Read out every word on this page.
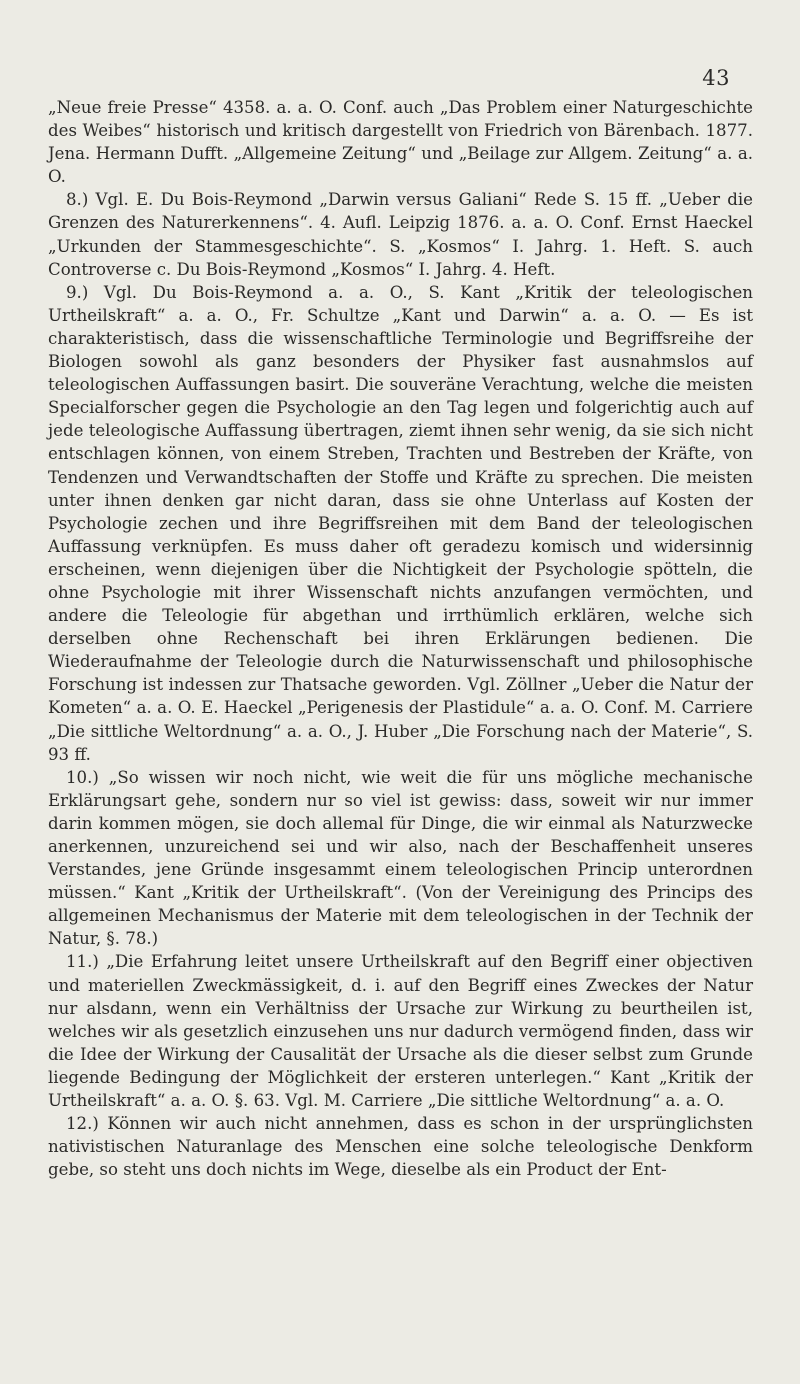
43

„Neue freie Presse“ 4358. a. a. O. Conf. auch „Das Problem einer Naturgeschichte des Weibes“ historisch und kritisch dargestellt von Friedrich von Bärenbach. 1877. Jena. Hermann Dufft. „Allgemeine Zeitung“ und „Beilage zur Allgem. Zeitung“ a. a. O.

8.) Vgl. E. Du Bois-Reymond „Darwin versus Galiani“ Rede S. 15 ff. „Ueber die Grenzen des Naturerkennens“. 4. Aufl. Leipzig 1876. a. a. O. Conf. Ernst Haeckel „Urkunden der Stammesgeschichte“. S. „Kosmos“ I. Jahrg. 1. Heft. S. auch Controverse c. Du Bois-Reymond „Kosmos“ I. Jahrg. 4. Heft.

9.) Vgl. Du Bois-Reymond a. a. O., S. Kant „Kritik der teleologischen Urtheilskraft“ a. a. O., Fr. Schultze „Kant und Darwin“ a. a. O. — Es ist charakteristisch, dass die wissenschaftliche Terminologie und Begriffsreihe der Biologen sowohl als ganz besonders der Physiker fast ausnahmslos auf teleologischen Auffassungen basirt. Die souveräne Verachtung, welche die meisten Specialforscher gegen die Psychologie an den Tag legen und folgerichtig auch auf jede teleologische Auffassung übertragen, ziemt ihnen sehr wenig, da sie sich nicht entschlagen können, von einem Streben, Trachten und Bestreben der Kräfte, von Tendenzen und Verwandtschaften der Stoffe und Kräfte zu sprechen. Die meisten unter ihnen denken gar nicht daran, dass sie ohne Unterlass auf Kosten der Psychologie zechen und ihre Begriffsreihen mit dem Band der teleologischen Auffassung verknüpfen. Es muss daher oft geradezu komisch und widersinnig erscheinen, wenn diejenigen über die Nichtigkeit der Psychologie spötteln, die ohne Psychologie mit ihrer Wissenschaft nichts anzufangen vermöchten, und andere die Teleologie für abgethan und irrthümlich erklären, welche sich derselben ohne Rechenschaft bei ihren Erklärungen bedienen. Die Wiederaufnahme der Teleologie durch die Naturwissenschaft und philosophische Forschung ist indessen zur Thatsache geworden. Vgl. Zöllner „Ueber die Natur der Kometen“ a. a. O. E. Haeckel „Perigenesis der Plastidule“ a. a. O. Conf. M. Carriere „Die sittliche Weltordnung“ a. a. O., J. Huber „Die Forschung nach der Materie“, S. 93 ff.

10.) „So wissen wir noch nicht, wie weit die für uns mögliche mechanische Erklärungsart gehe, sondern nur so viel ist gewiss: dass, soweit wir nur immer darin kommen mögen, sie doch allemal für Dinge, die wir einmal als Naturzwecke anerkennen, unzureichend sei und wir also, nach der Beschaffenheit unseres Verstandes, jene Gründe insgesammt einem teleologischen Princip unterordnen müssen.“ Kant „Kritik der Urtheilskraft“. (Von der Vereinigung des Princips des allgemeinen Mechanismus der Materie mit dem teleologischen in der Technik der Natur, §. 78.)

11.) „Die Erfahrung leitet unsere Urtheilskraft auf den Begriff einer objectiven und materiellen Zweckmässigkeit, d. i. auf den Begriff eines Zweckes der Natur nur alsdann, wenn ein Verhältniss der Ursache zur Wirkung zu beurtheilen ist, welches wir als gesetzlich einzusehen uns nur dadurch vermögend finden, dass wir die Idee der Wirkung der Causalität der Ursache als die dieser selbst zum Grunde liegende Bedingung der Möglichkeit der ersteren unterlegen.“ Kant „Kritik der Urtheilskraft“ a. a. O. §. 63. Vgl. M. Carriere „Die sittliche Weltordnung“ a. a. O.

12.) Können wir auch nicht annehmen, dass es schon in der ursprünglichsten nativistischen Naturanlage des Menschen eine solche teleologische Denkform gebe, so steht uns doch nichts im Wege, dieselbe als ein Product der Ent-
